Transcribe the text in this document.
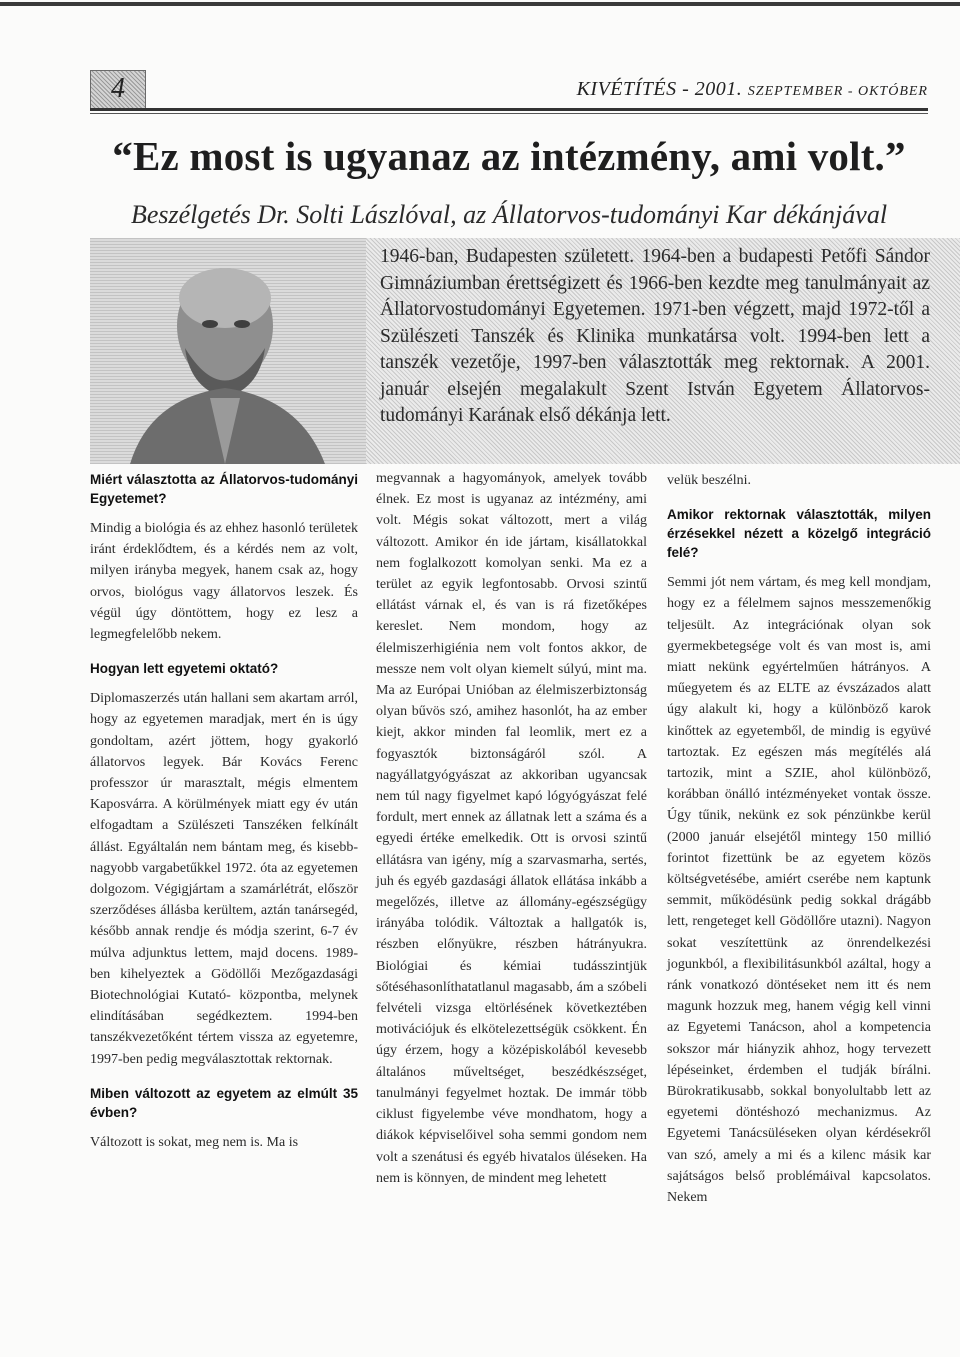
4	KIVÉTÍTÉS - 2001. SZEPTEMBER - OKTÓBER
“Ez most is ugyanaz az intézmény, ami volt.”
Beszélgetés Dr. Solti Lászlóval, az Állatorvos-tudományi Kar dékánjával
1946-ban, Budapesten született. 1964-ben a budapesti Petőfi Sándor Gimnáziumban érettségizett és 1966-ben kezdte meg tanulmányait az Állatorvostudományi Egyetemen. 1971-ben végzett, majd 1972-től a Szülészeti Tanszék és Klinika munkatársa volt. 1994-ben lett a tanszék vezetője, 1997-ben választották meg rektornak. A 2001. január elsején megalakult Szent István Egyetem Állatorvos-tudományi Karának első dékánja lett.
Miért választotta az Állatorvos-tudományi Egyetemet?

Mindig a biológia és az ehhez hasonló területek iránt érdeklődtem, és a kérdés nem az volt, milyen irányba megyek, hanem csak az, hogy orvos, biológus vagy állatorvos leszek. És végül úgy döntöttem, hogy ez lesz a legmegfelelőbb nekem.

Hogyan lett egyetemi oktató?

Diplomaszerzés után hallani sem akartam arról, hogy az egyetemen maradjak, mert én is úgy gondoltam, azért jöttem, hogy gyakorló állatorvos legyek. Bár Kovács Ferenc professzor úr marasztalt, mégis elmentem Kaposvárra. A körülmények miatt egy év után elfogadtam a Szülészeti Tanszéken felkínált állást. Egyáltalán nem bántam meg, és kisebb-nagyobb vargabetűkkel 1972. óta az egyetemen dolgozom. Végigjártam a szamárlétrát, először szerződéses állásba kerültem, aztán tanársegéd, később annak rendje és módja szerint, 6-7 év múlva adjunktus lettem, majd docens. 1989-ben kihelyeztek a Gödöllői Mezőgazdasági Biotechnológiai Kutató- központba, melynek elindításában segédkeztem. 1994-ben tanszékvezetőként tértem vissza az egyetemre, 1997-ben pedig megválasztottak rektornak.

Miben változott az egyetem az elmúlt 35 évben?

Változott is sokat, meg nem is. Ma is

megvannak a hagyományok, amelyek tovább élnek. Ez most is ugyanaz az intézmény, ami volt. Mégis sokat változott, mert a világ változott. Amikor én ide jártam, kisállatokkal nem foglalkozott komolyan senki. Ma ez a terület az egyik legfontosabb. Orvosi szintű ellátást várnak el, és van is rá fizetőképes kereslet. Nem mondom, hogy az élelmiszerhigiénia nem volt fontos akkor, de messze nem volt olyan kiemelt súlyú, mint ma. Ma az Európai Unióban az élelmiszerbiztonság olyan bűvös szó, amihez hasonlót, ha az ember kiejt, akkor minden fal leomlik, mert ez a fogyasztók biztonságáról szól. A nagyállatgyógyászat az akkoriban ugyancsak nem túl nagy figyelmet kapó lógyógyászat felé fordult, mert ennek az állatnak lett a száma és a egyedi értéke emelkedik. Ott is orvosi szintű ellátásra van igény, míg a szarvasmarha, sertés, juh és egyéb gazdasági állatok ellátása inkább a megelőzés, illetve az állomány-egészségügy irányába tolódik. Változtak a hallgatók is, részben előnyükre, részben hátrányukra. Biológiai és kémiai tudásszintjük sőtéséhasonlíthatatlanul magasabb, ám a szóbeli felvételi vizsga eltörlésének következtében motivációjuk és elkötelezettségük csökkent. Én úgy érzem, hogy a középiskolából kevesebb általános műveltséget, beszédkészséget, tanulmányi fegyelmet hoztak. De immár több ciklust figyelembe véve mondhatom, hogy a diákok képviselőivel soha semmi gondom nem volt a szenátusi és egyéb hivatalos üléseken. Ha nem is könnyen, de mindent meg lehetett

velük beszélni.

Amikor rektornak választották, milyen érzésekkel nézett a közelgő integráció felé?

Semmi jót nem vártam, és meg kell mondjam, hogy ez a félelmem sajnos messzemenőkig teljesült. Az integrációnak olyan sok gyermekbetegsége volt és van most is, ami miatt nekünk egyértelműen hátrányos. A műegyetem és az ELTE az évszázados alatt úgy alakult ki, hogy a különböző karok kinőttek az egyetemből, de mindig is együvé tartoztak. Ez egészen más megítélés alá tartozik, mint a SZIE, ahol különböző, korábban önálló intézményeket vontak össze. Úgy tűnik, nekünk ez sok pénzünkbe kerül (2000 január elsejétől mintegy 150 millió forintot fizettünk be az egyetem közös költségvetésébe, amiért cserébe nem kaptunk semmit, működésünk pedig sokkal drágább lett, rengeteget kell Gödöllőre utazni). Nagyon sokat veszítettünk az önrendelkezési jogunkból, a flexibilitásunkból azáltal, hogy a ránk vonatkozó döntéseket nem itt és nem magunk hozzuk meg, hanem végig kell vinni az Egyetemi Tanácson, ahol a kompetencia sokszor már hiányzik ahhoz, hogy tervezett lépéseinket, érdemben el tudják bírálni. Bürokratikusabb, sokkal bonyolultabb lett az egyetemi döntéshozó mechanizmus. Az Egyetemi Tanácsüléseken olyan kérdésekről van szó, amely a mi és a kilenc másik kar sajátságos belső problémáival kapcsolatos. Nekem
